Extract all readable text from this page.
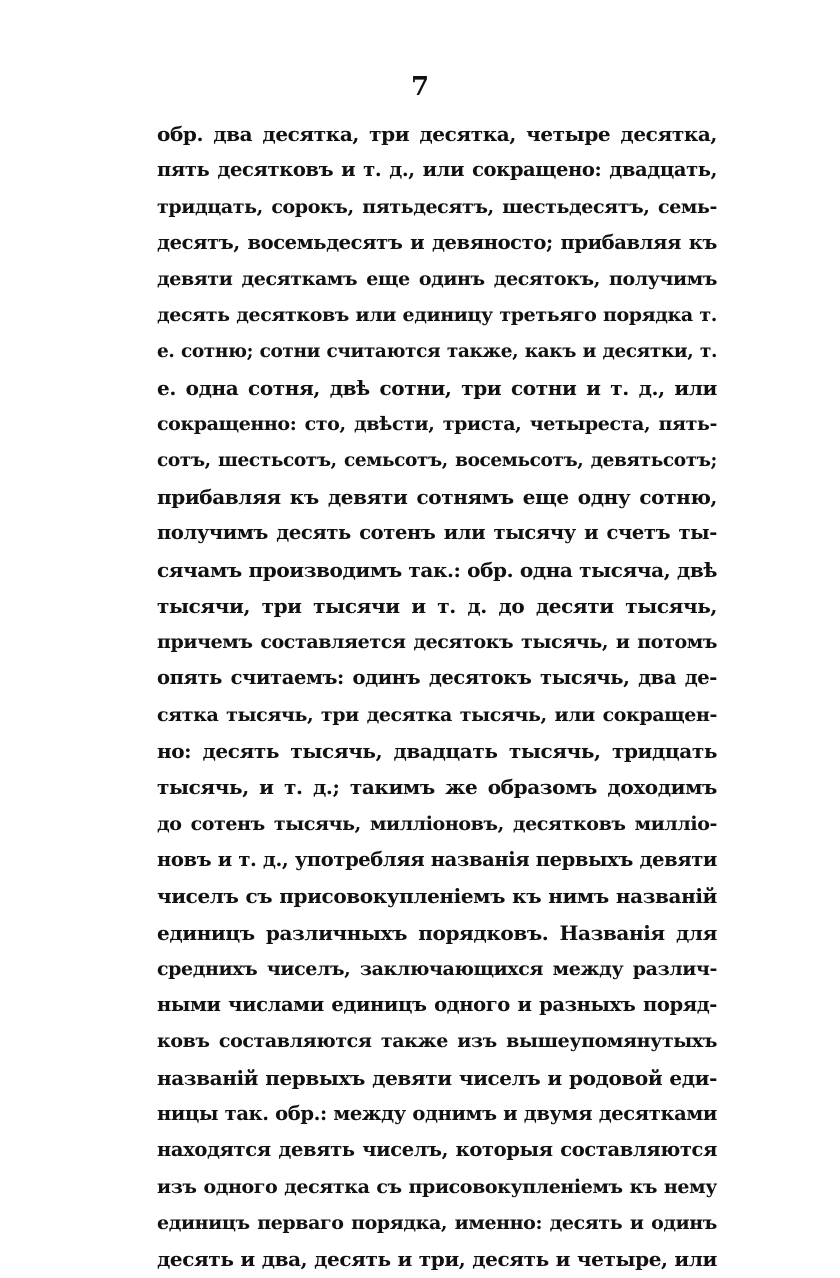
7
обр. два десятка, три десятка, четыре десятка,
пять десятковъ и т. д., или сокращено: двадцать,
тридцать, сорокъ, пятьдесятъ, шестьдесятъ, семь-
десятъ, восемьдесятъ и девяносто; прибавляя къ
девяти десяткамъ еще одинъ десятокъ, получимъ
десять десятковъ или единицу третьяго порядка т.
е. сотню; сотни считаются также, какъ и десятки, т.
е. одна сотня, двѣ сотни, три сотни и т. д., или
сокращенно: сто, двѣсти, триста, четыреста, пять-
сотъ, шестьсотъ, семьсотъ, восемьсотъ, девятьсотъ;
прибавляя къ девяти сотнямъ еще одну сотню,
получимъ десять сотенъ или тысячу и счетъ ты-
сячамъ производимъ так.: обр. одна тысяча, двѣ
тысячи, три тысячи и т. д. до десяти тысячь,
причемъ составляется десятокъ тысячь, и потомъ
опять считаемъ: одинъ десятокъ тысячь, два де-
сятка тысячь, три десятка тысячь, или сокращен-
но: десять тысячь, двадцать тысячь, тридцать
тысячь, и т. д.; такимъ же образомъ доходимъ
до сотенъ тысячь, милліоновъ, десятковъ милліо-
новъ и т. д., употребляя названія первыхъ девяти
чиселъ съ присовокупленіемъ къ нимъ названій
единицъ различныхъ порядковъ. Названія для
среднихъ чиселъ, заключающихся между различ-
ными числами единицъ одного и разныхъ поряд-
ковъ составляются также изъ вышеупомянутыхъ
названій первыхъ девяти чиселъ и родовой еди-
ницы так. обр.: между однимъ и двумя десятками
находятся девять чиселъ, которыя составляются
изъ одного десятка съ присовокупленіемъ къ нему
единицъ перваго порядка, именно: десять и одинъ
десять и два, десять и три, десять и четыре, или
